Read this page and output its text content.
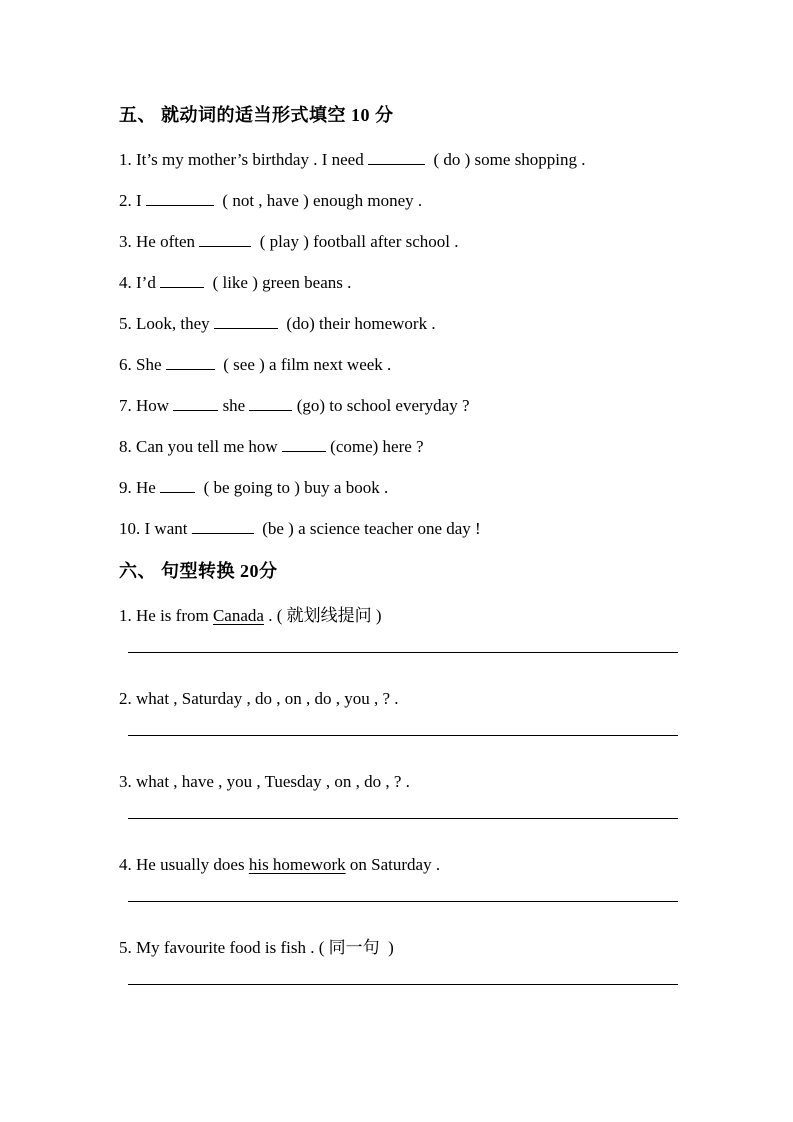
五、 就动词的适当形式填空 10 分

1. It’s my mother’s birthday . I need	( do ) some shopping .

2. I	( not , have ) enough money .

3. He often	( play ) football after school .

4. I’d	( like ) green beans .

5. Look, they	(do) their homework .

6. She	( see ) a film next week .

7. How	she	(go) to school everyday ?

8. Can you tell me how	(come) here ?

9. He   ( be going to ) buy a book .

10. I want	(be ) a science teacher one day !

六、 句型转换 20分

1. He is from Canada . ( 就划线提问 )

2. what , Saturday , do , on , do , you , ? .

3. what , have , you , Tuesday , on , do , ? .

4. He usually does his homework on Saturday .

5. My favourite food is fish . ( 同一句  )
